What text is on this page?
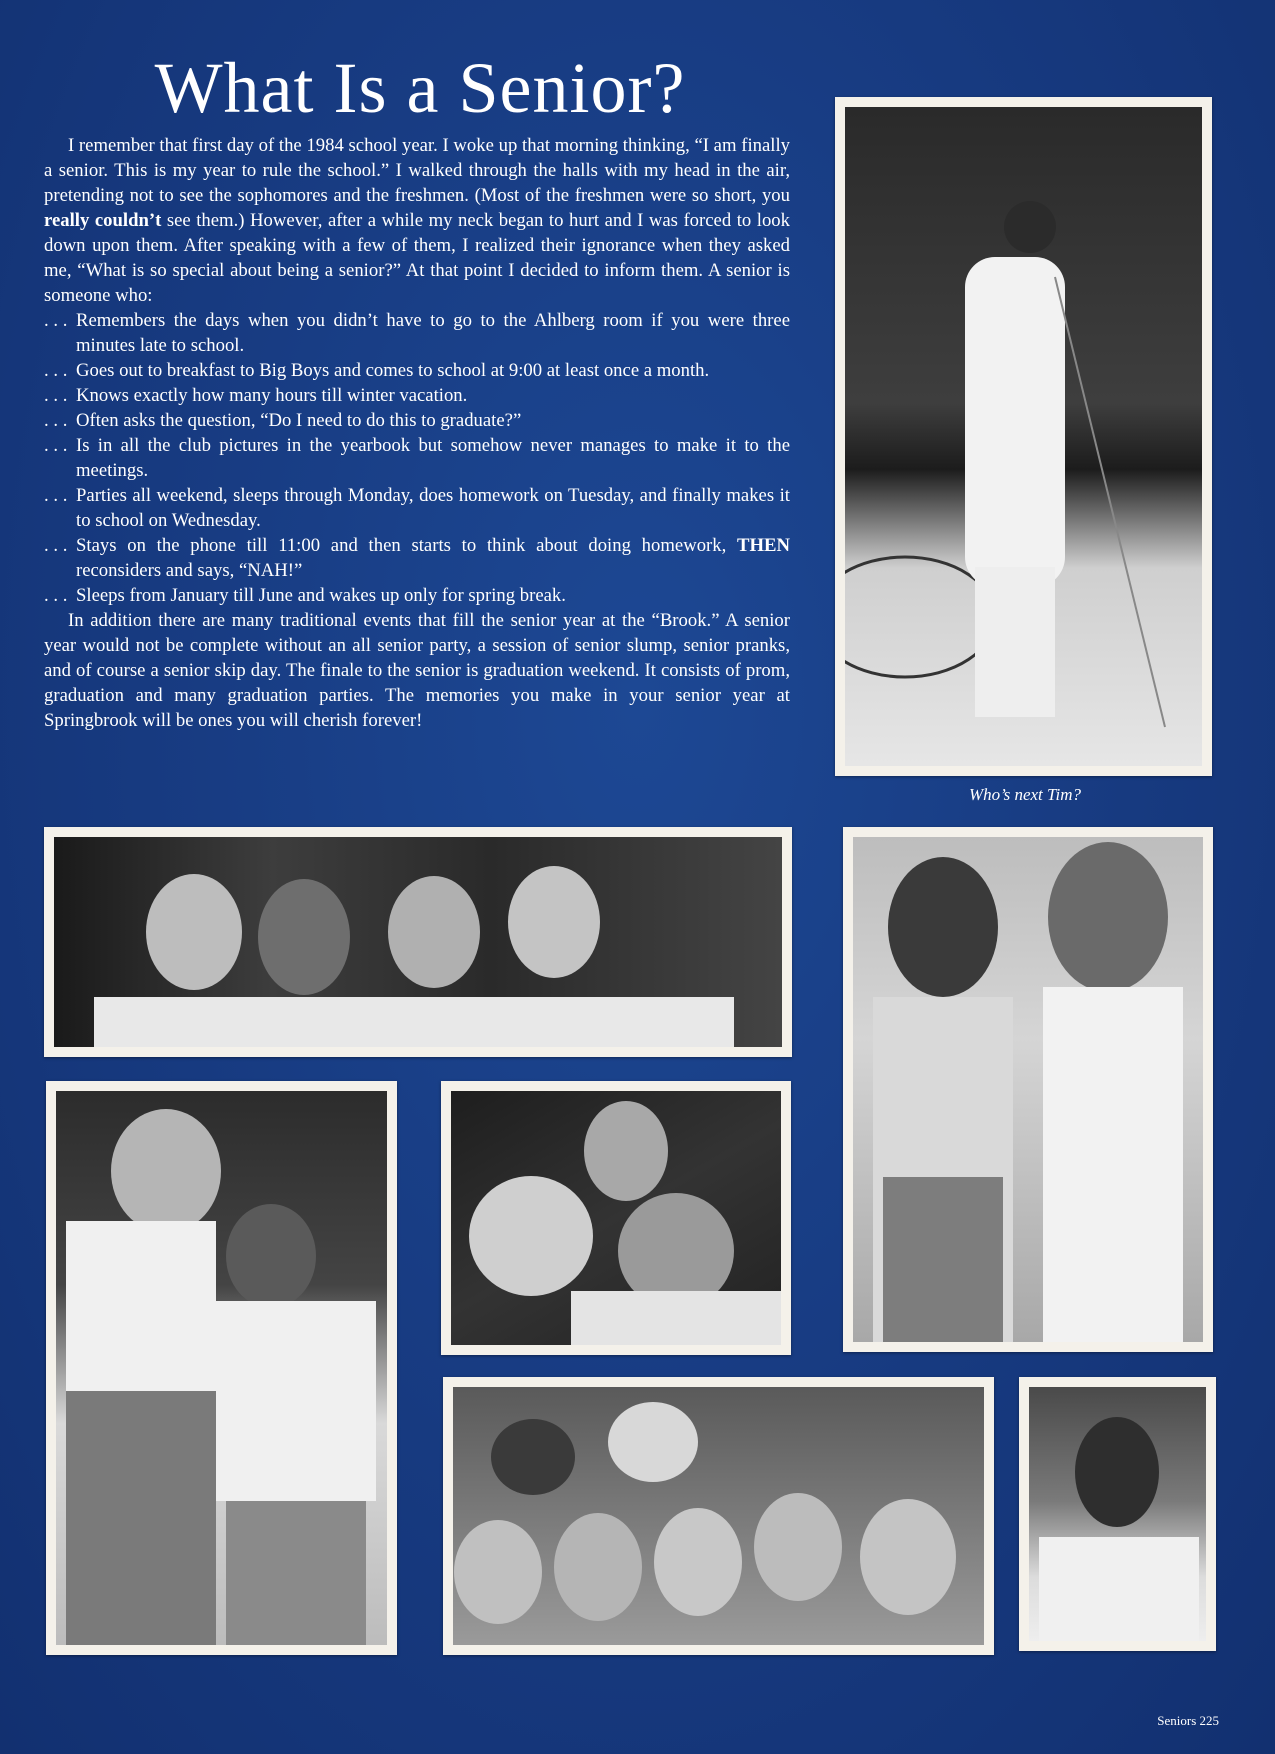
What Is a Senior?

I remember that first day of the 1984 school year. I woke up that morning thinking, “I am finally a senior. This is my year to rule the school.” I walked through the halls with my head in the air, pretending not to see the sophomores and the freshmen. (Most of the freshmen were so short, you really couldn’t see them.) However, after a while my neck began to hurt and I was forced to look down upon them. After speaking with a few of them, I realized their ignorance when they asked me, “What is so special about being a senior?” At that point I decided to inform them. A senior is someone who:

. . . Remembers the days when you didn’t have to go to the Ahlberg room if you were three minutes late to school.
. . . Goes out to breakfast to Big Boys and comes to school at 9:00 at least once a month.
. . . Knows exactly how many hours till winter vacation.
. . . Often asks the question, “Do I need to do this to graduate?”
. . . Is in all the club pictures in the yearbook but somehow never manages to make it to the meetings.
. . . Parties all weekend, sleeps through Monday, does homework on Tuesday, and finally makes it to school on Wednesday.
. . . Stays on the phone till 11:00 and then starts to think about doing homework, THEN reconsiders and says, “NAH!”
. . . Sleeps from January till June and wakes up only for spring break.

In addition there are many traditional events that fill the senior year at the “Brook.” A senior year would not be complete without an all senior party, a session of senior slump, senior pranks, and of course a senior skip day. The finale to the senior is graduation weekend. It consists of prom, graduation and many graduation parties. The memories you make in your senior year at Springbrook will be ones you will cherish forever!

Who’s next Tim?
Seniors 225
